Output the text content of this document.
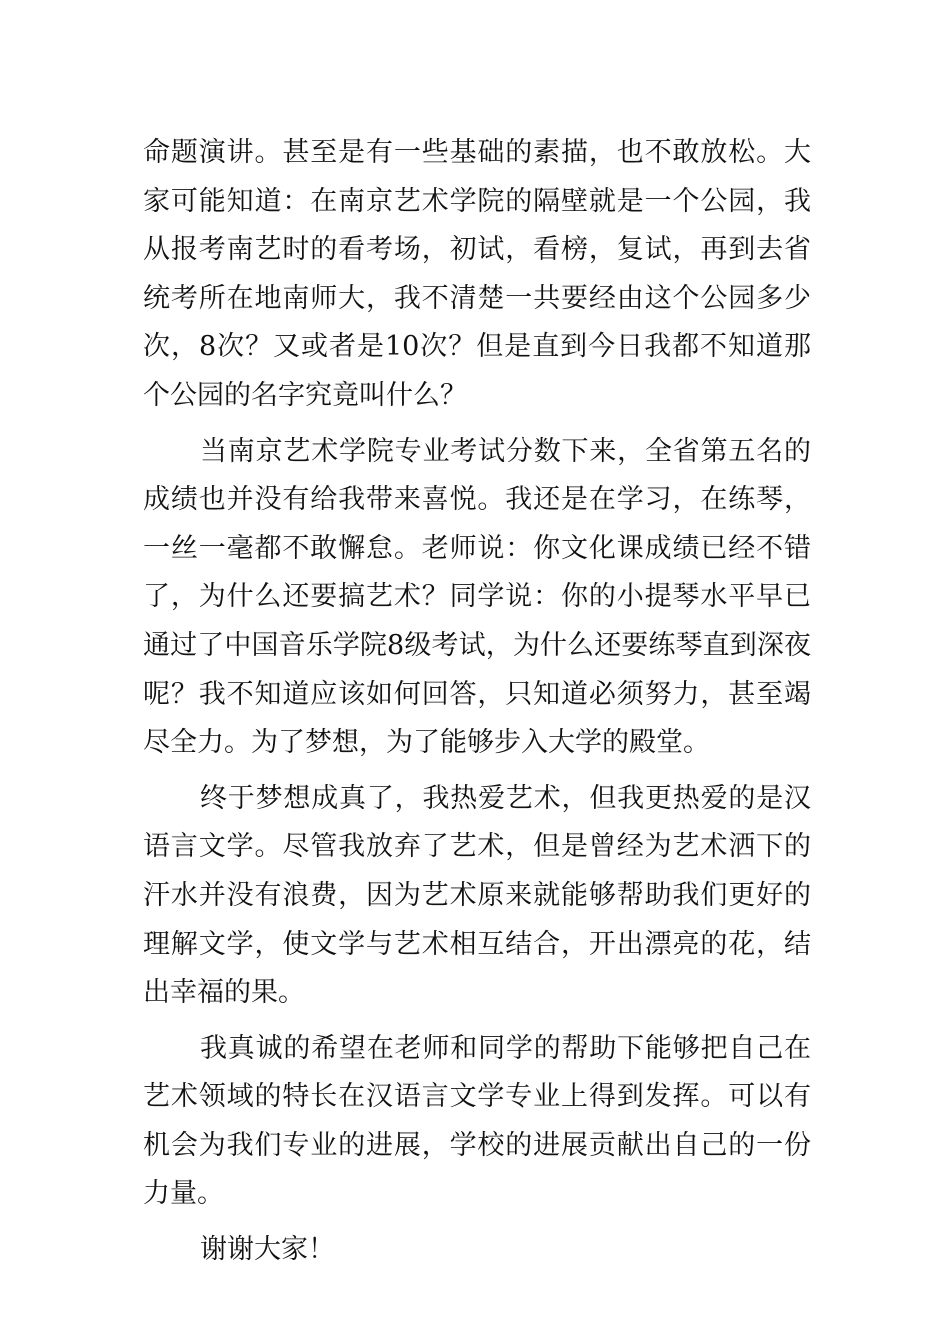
命题演讲。甚至是有一些基础的素描，也不敢放松。大家可能知道：在南京艺术学院的隔壁就是一个公园，我从报考南艺时的看考场，初试，看榜，复试，再到去省统考所在地南师大，我不清楚一共要经由这个公园多少次，8次？又或者是10次？但是直到今日我都不知道那个公园的名字究竟叫什么？

当南京艺术学院专业考试分数下来，全省第五名的成绩也并没有给我带来喜悦。我还是在学习，在练琴，一丝一毫都不敢懈怠。老师说：你文化课成绩已经不错了，为什么还要搞艺术？同学说：你的小提琴水平早已通过了中国音乐学院8级考试，为什么还要练琴直到深夜呢？我不知道应该如何回答，只知道必须努力，甚至竭尽全力。为了梦想，为了能够步入大学的殿堂。

终于梦想成真了，我热爱艺术，但我更热爱的是汉语言文学。尽管我放弃了艺术，但是曾经为艺术洒下的汗水并没有浪费，因为艺术原来就能够帮助我们更好的理解文学，使文学与艺术相互结合，开出漂亮的花，结出幸福的果。

我真诚的希望在老师和同学的帮助下能够把自己在艺术领域的特长在汉语言文学专业上得到发挥。可以有机会为我们专业的进展，学校的进展贡献出自己的一份力量。

谢谢大家！
